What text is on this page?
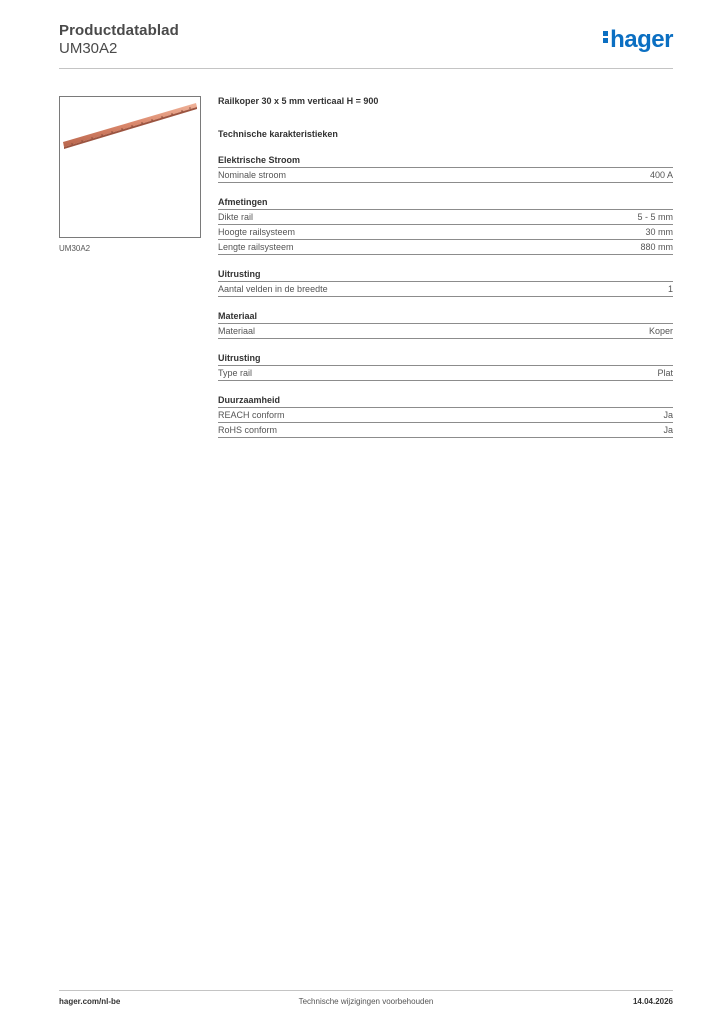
Productdatablad
UM30A2	hager
UM30A2
Railkoper 30 x 5 mm verticaal H = 900
Technische karakteristieken
Elektrische Stroom
Nominale stroom	400 A
Afmetingen
Dikte rail	5 - 5 mm
Hoogte railsysteem	30 mm
Lengte railsysteem	880 mm
Uitrusting
Aantal velden in de breedte	1
Materiaal
Materiaal	Koper
Uitrusting
Type rail	Plat
Duurzaamheid
REACH conform	Ja
RoHS conform	Ja
hager.com/nl-be	Technische wijzigingen voorbehouden	14.04.2026
